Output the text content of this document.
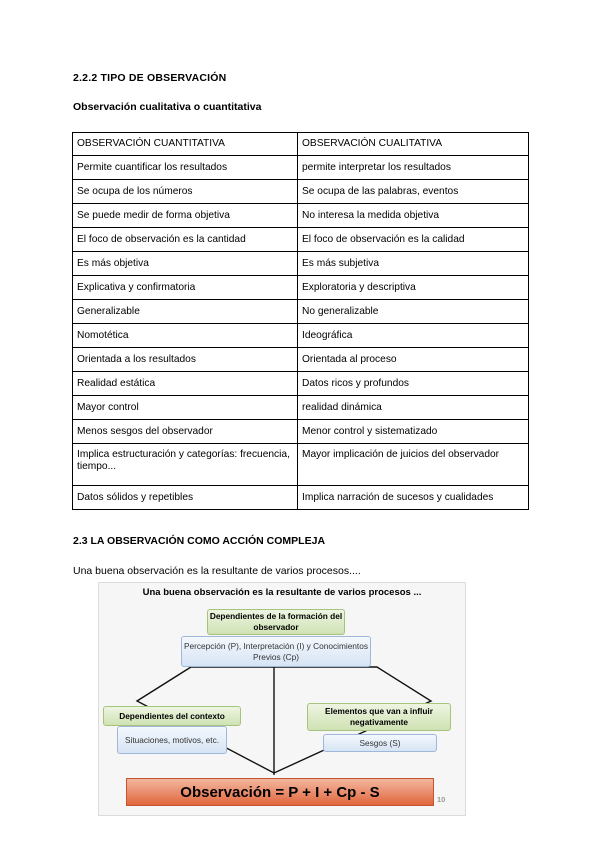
2.2.2 TIPO DE OBSERVACIÓN
Observación cualitativa o cuantitativa
OBSERVACIÓN CUANTITATIVA	OBSERVACIÓN CUALITATIVA
Permite cuantificar los resultados	permite interpretar los resultados
Se ocupa de los números	Se ocupa de las palabras, eventos
Se puede medir de forma objetiva	No interesa la medida objetiva
El foco de observación es la cantidad	El foco de observación es la calidad
Es más objetiva	Es más subjetiva
Explicativa y confirmatoria	Exploratoria y descriptiva
Generalizable	No generalizable
Nomotética	Ideográfica
Orientada a los resultados	Orientada al proceso
Realidad estática	Datos ricos y profundos
Mayor control	realidad dinámica
Menos sesgos del observador	Menor control y sistematizado
Implica estructuración y categorías: frecuencia, tiempo...	Mayor implicación de juicios del observador
Datos sólidos y repetibles	Implica narración de sucesos y cualidades
2.3 LA OBSERVACIÓN COMO ACCIÓN COMPLEJA
Una buena observación es la resultante de varios procesos....
Una buena observación es la resultante de varios procesos ...
Dependientes de la formación del observador
Percepción (P), Interpretación (I) y Conocimientos Previos (Cp)
Dependientes del contexto
Situaciones, motivos, etc.
Elementos que van a influir negativamente
Sesgos (S)
Observación = P + I + Cp - S	10
